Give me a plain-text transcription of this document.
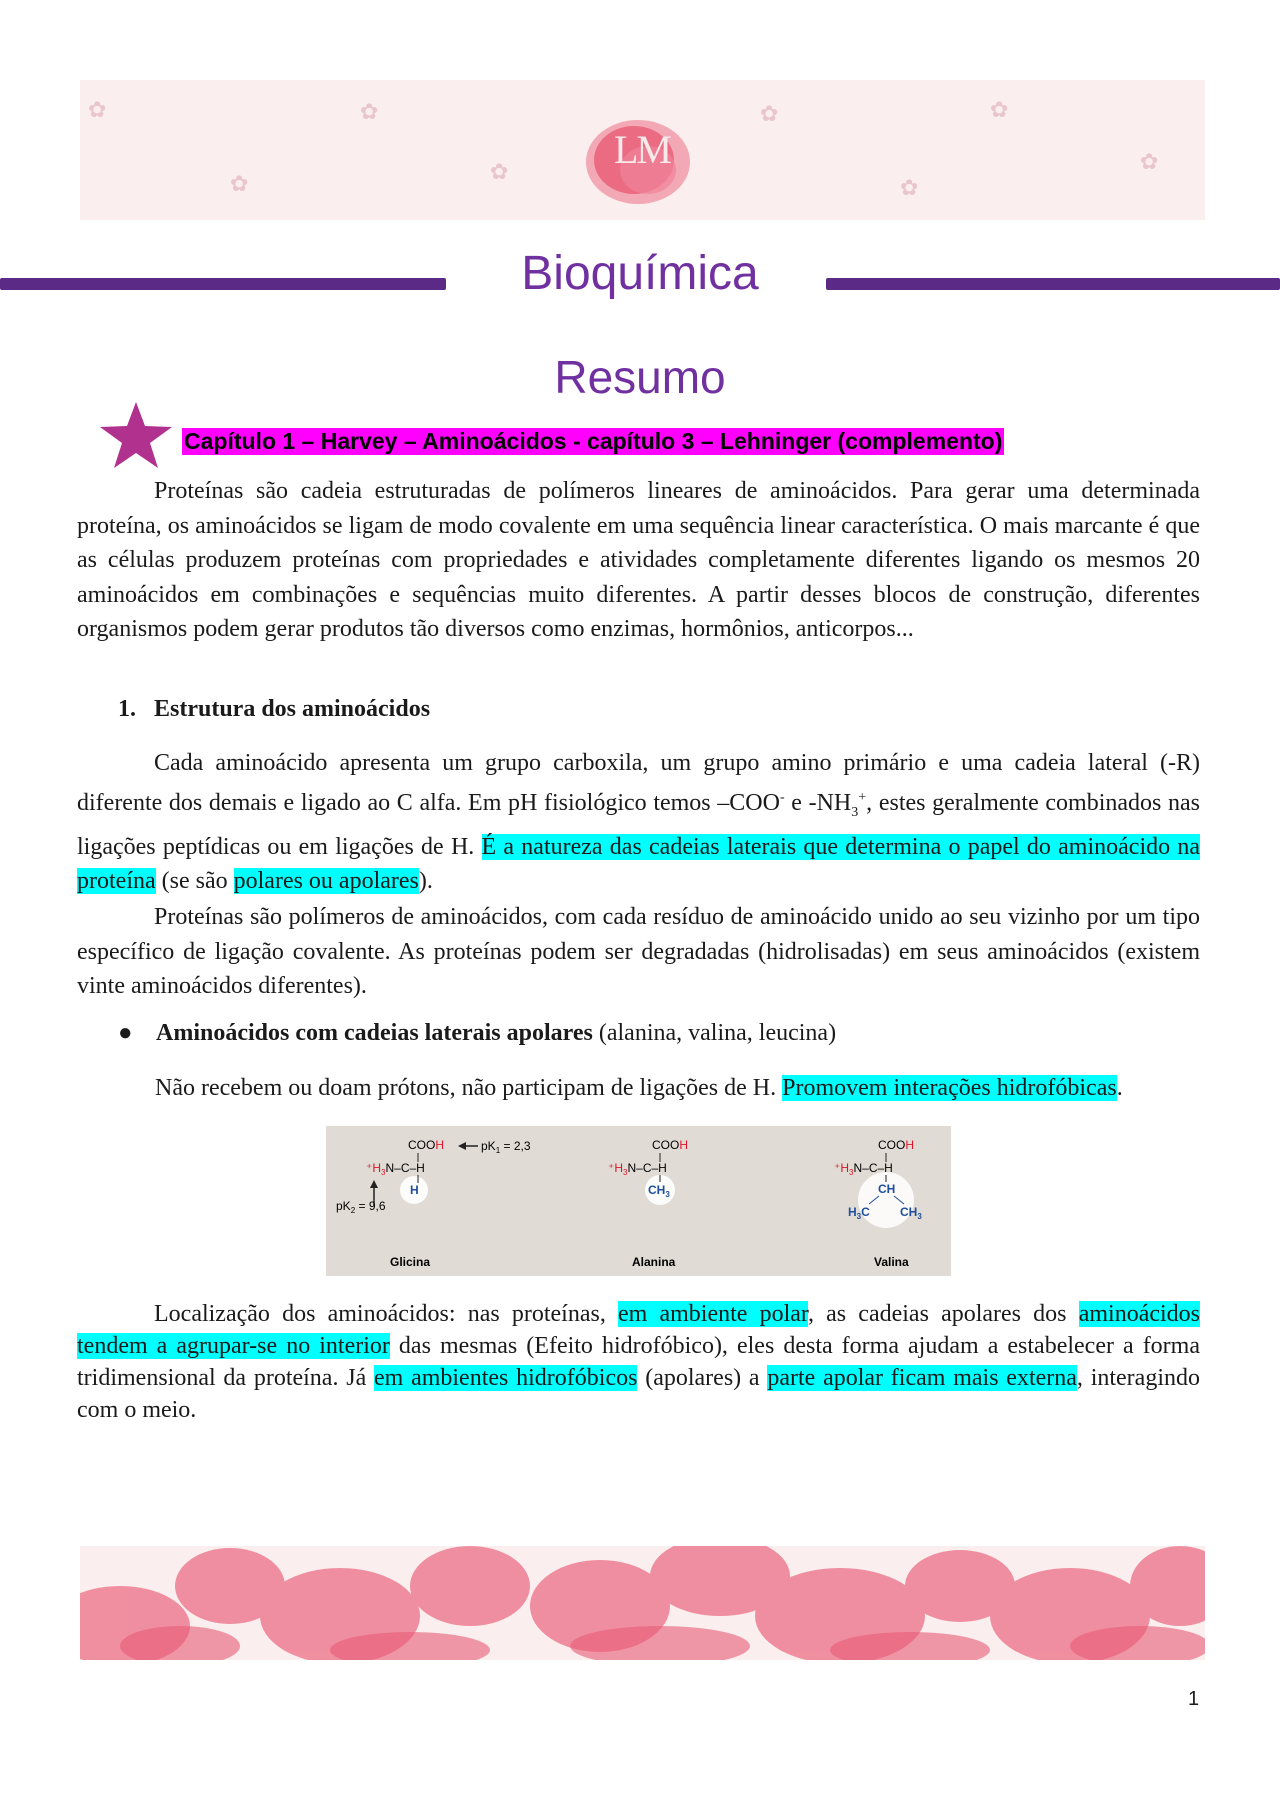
✿
✿
✿
✿
✿
✿
✿
✿
LM
Bioquímica
Resumo
Capítulo 1 – Harvey – Aminoácidos - capítulo 3 – Lehninger (complemento)
Proteínas são cadeia estruturadas de polímeros lineares de aminoácidos. Para gerar uma determinada proteína, os aminoácidos se ligam de modo covalente em uma sequência linear característica. O mais marcante é que as células produzem proteínas com propriedades e atividades completamente diferentes ligando os mesmos 20 aminoácidos em combinações e sequências muito diferentes. A partir desses blocos de construção, diferentes organismos podem gerar produtos tão diversos como enzimas, hormônios, anticorpos...
1. Estrutura dos aminoácidos
Cada aminoácido apresenta um grupo carboxila, um grupo amino primário e uma cadeia lateral (-R) diferente dos demais e ligado ao C alfa. Em pH fisiológico temos –COO- e $-NH_3^+$, estes geralmente combinados nas ligações peptídicas ou em ligações de H. É a natureza das cadeias laterais que determina o papel do aminoácido na proteína (se são polares ou apolares).
Proteínas são polímeros de aminoácidos, com cada resíduo de aminoácido unido ao seu vizinho por um tipo específico de ligação covalente. As proteínas podem ser degradadas (hidrolisadas) em seus aminoácidos (existem vinte aminoácidos diferentes).
● Aminoácidos com cadeias laterais apolares (alanina, valina, leucina)
Não recebem ou doam prótons, não participam de ligações de H. Promovem interações hidrofóbicas.
COOH	$pK_1 = 2,3$
$^+H_3N-C-H$
H
$pK_2 = 9,6$
Glicina
COOH
$^+H_3N-C-H$
$CH_3$
Alanina
COOH
$^+H_3N-C-H$
CH
$H_3C$	$CH_3$
Valina
Localização dos aminoácidos: nas proteínas, em ambiente polar, as cadeias apolares dos aminoácidos tendem a agrupar-se no interior das mesmas (Efeito hidrofóbico), eles desta forma ajudam a estabelecer a forma tridimensional da proteína. Já em ambientes hidrofóbicos (apolares) a parte apolar ficam mais externa, interagindo com o meio.
1
